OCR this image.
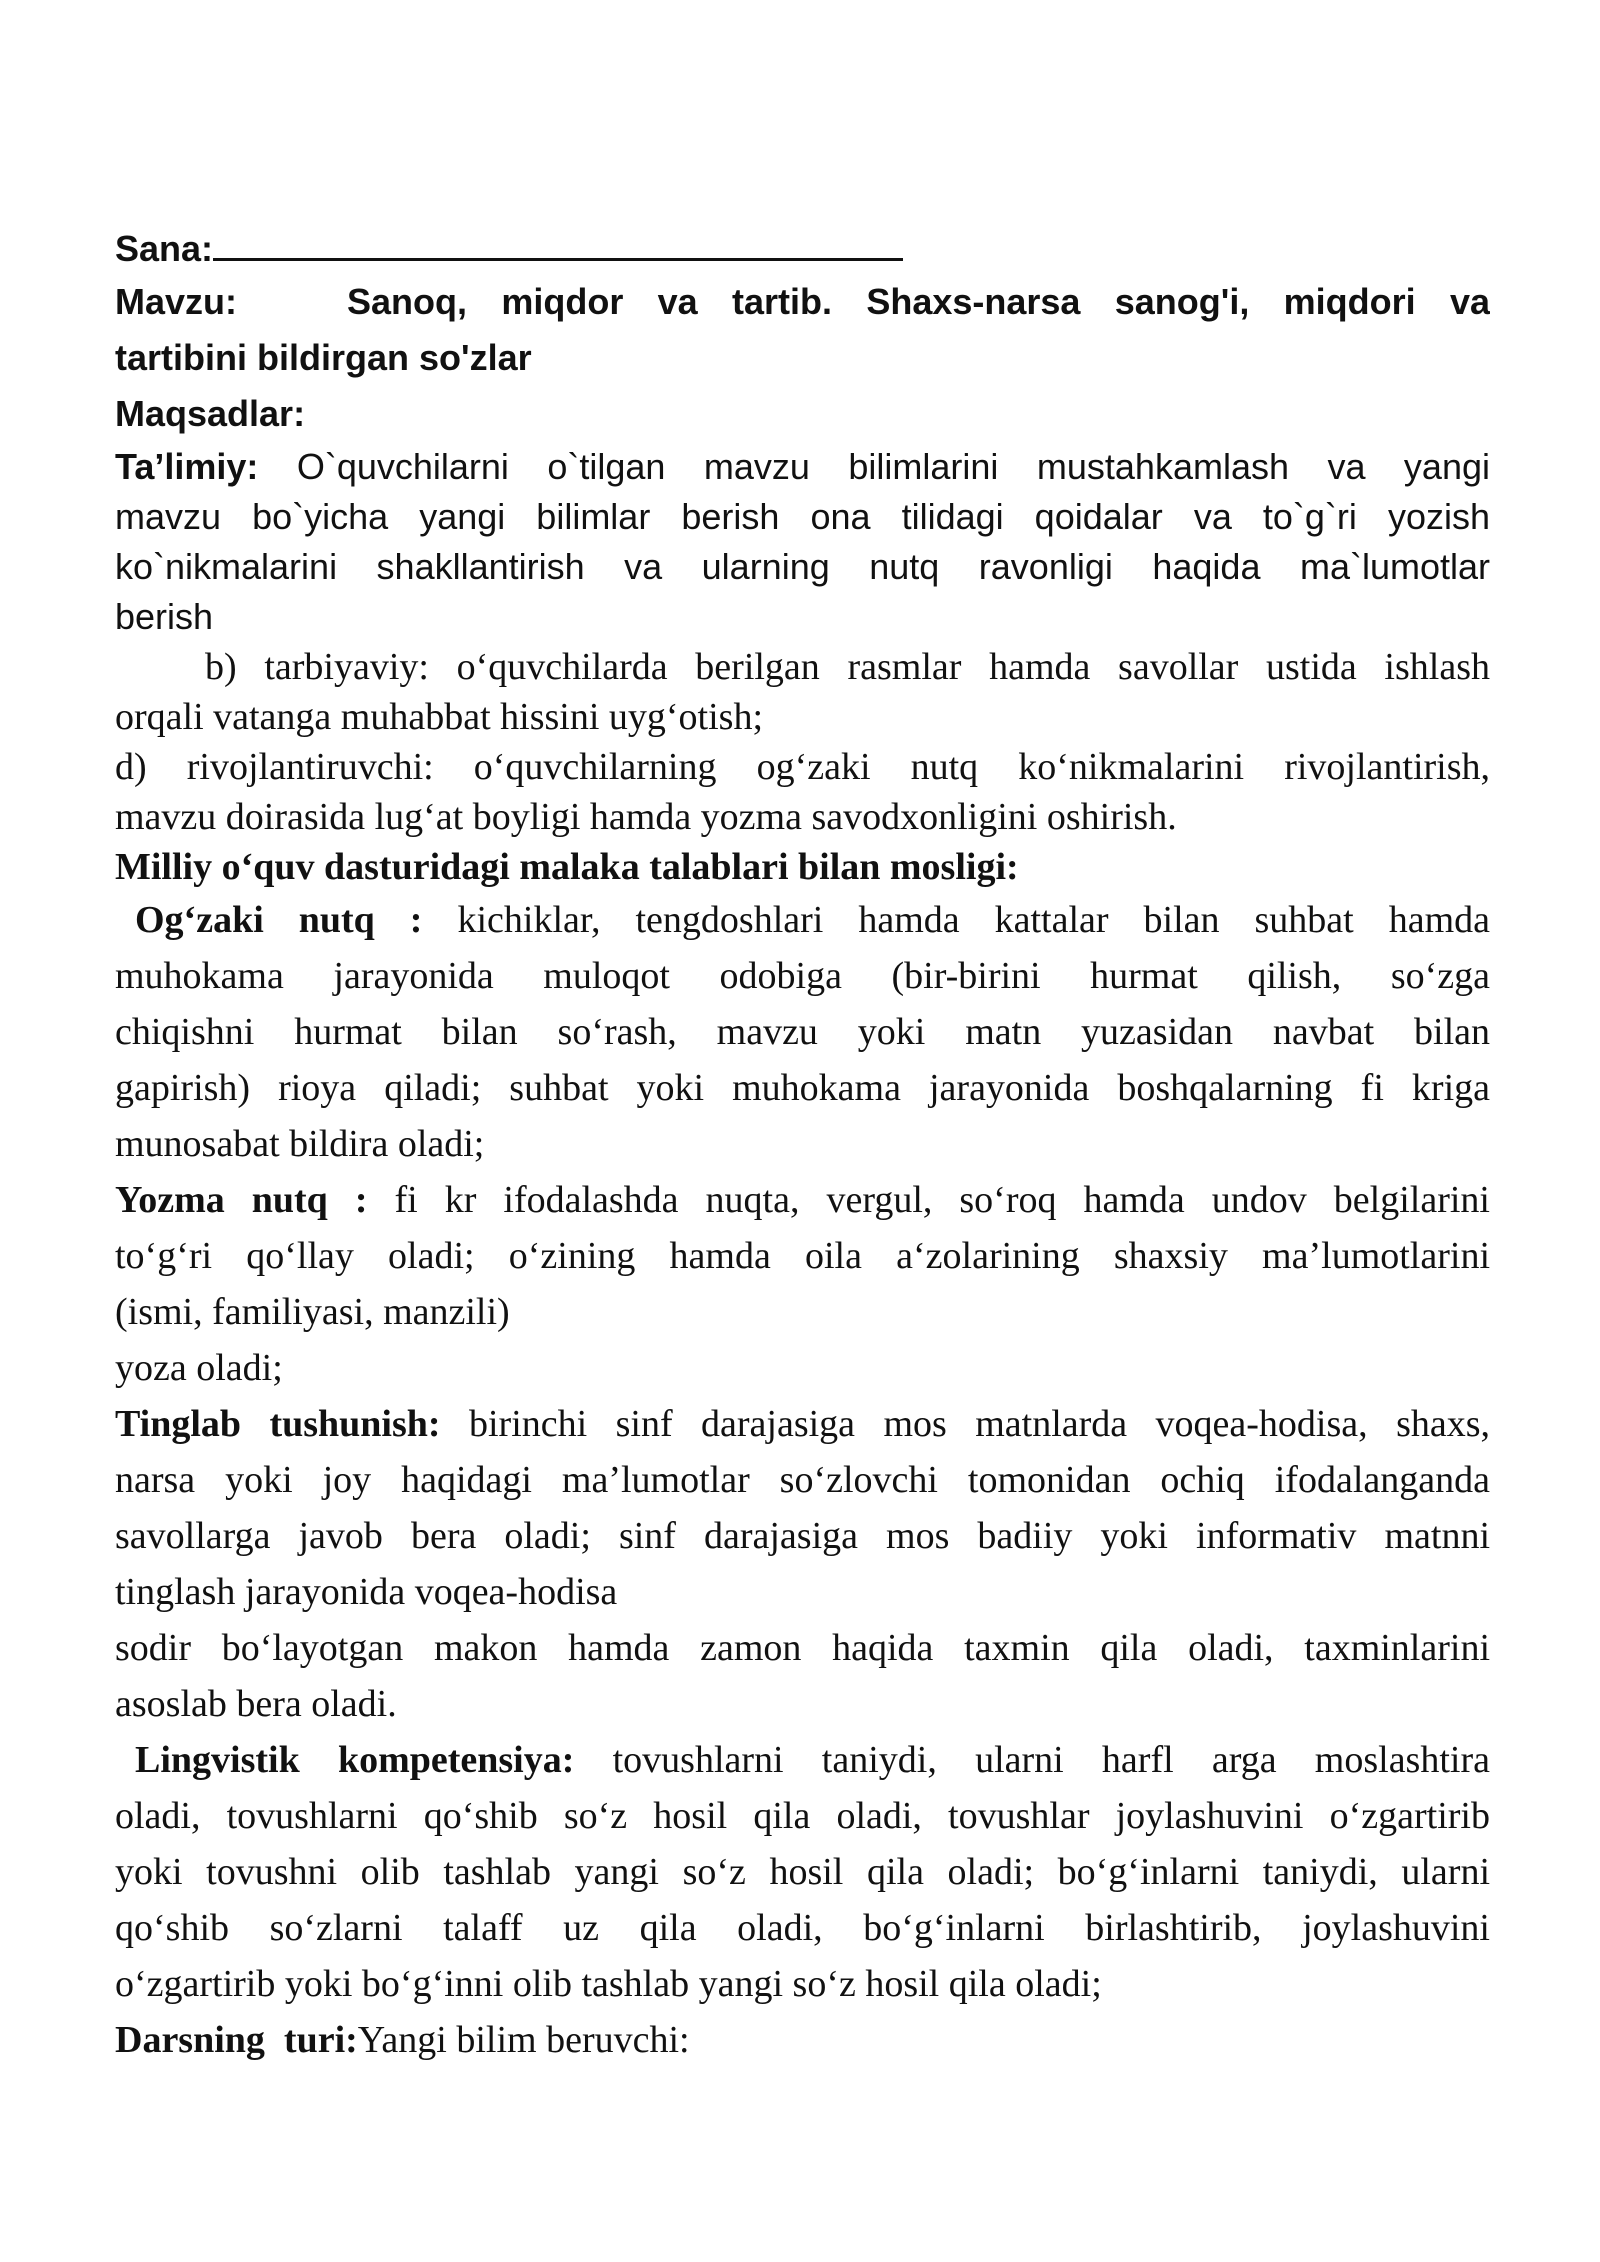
Sana:
Mavzu:	Sanoq, miqdor va tartib. Shaxs-narsa sanog'i, miqdori va
tartibini bildirgan so'zlar
Maqsadlar:
Ta’limiy: O`quvchilarni o`tilgan mavzu bilimlarini mustahkamlash va yangi
mavzu bo`yicha yangi bilimlar berish ona tilidagi qoidalar va to`g`ri yozish
ko`nikmalarini shakllantirish va ularning nutq ravonligi haqida ma`lumotlar
berish
b) tarbiyaviy: o‘quvchilarda berilgan rasmlar hamda savollar ustida ishlash
orqali vatanga muhabbat hissini uyg‘otish;
d) rivojlantiruvchi: o‘quvchilarning og‘zaki nutq ko‘nikmalarini rivojlantirish,
mavzu doirasida lug‘at boyligi hamda yozma savodxonligini oshirish.
Milliy o‘quv dasturidagi malaka talablari bilan mosligi:
Og‘zaki nutq : kichiklar, tengdoshlari hamda kattalar bilan suhbat hamda
muhokama jarayonida muloqot odobiga (bir-birini hurmat qilish, so‘zga
chiqishni hurmat bilan so‘rash, mavzu yoki matn yuzasidan navbat bilan
gapirish) rioya qiladi; suhbat yoki muhokama jarayonida boshqalarning fi kriga
munosabat bildira oladi;
Yozma nutq : fi kr ifodalashda nuqta, vergul, so‘roq hamda undov belgilarini
to‘g‘ri qo‘llay oladi; o‘zining hamda oila a‘zolarining shaxsiy ma’lumotlarini
(ismi, familiyasi, manzili)
yoza oladi;
Tinglab tushunish: birinchi sinf darajasiga mos matnlarda voqea-hodisa, shaxs,
narsa yoki joy haqidagi ma’lumotlar so‘zlovchi tomonidan ochiq ifodalanganda
savollarga javob bera oladi; sinf darajasiga mos badiiy yoki informativ matnni
tinglash jarayonida voqea-hodisa
sodir bo‘layotgan makon hamda zamon haqida taxmin qila oladi, taxminlarini
asoslab bera oladi.
Lingvistik kompetensiya: tovushlarni taniydi, ularni harfl arga moslashtira
oladi, tovushlarni qo‘shib so‘z hosil qila oladi, tovushlar joylashuvini o‘zgartirib
yoki tovushni olib tashlab yangi so‘z hosil qila oladi; bo‘g‘inlarni taniydi, ularni
qo‘shib so‘zlarni talaff uz qila oladi, bo‘g‘inlarni birlashtirib, joylashuvini
o‘zgartirib yoki bo‘g‘inni olib tashlab yangi so‘z hosil qila oladi;
Darsning  turi:Yangi bilim beruvchi:
